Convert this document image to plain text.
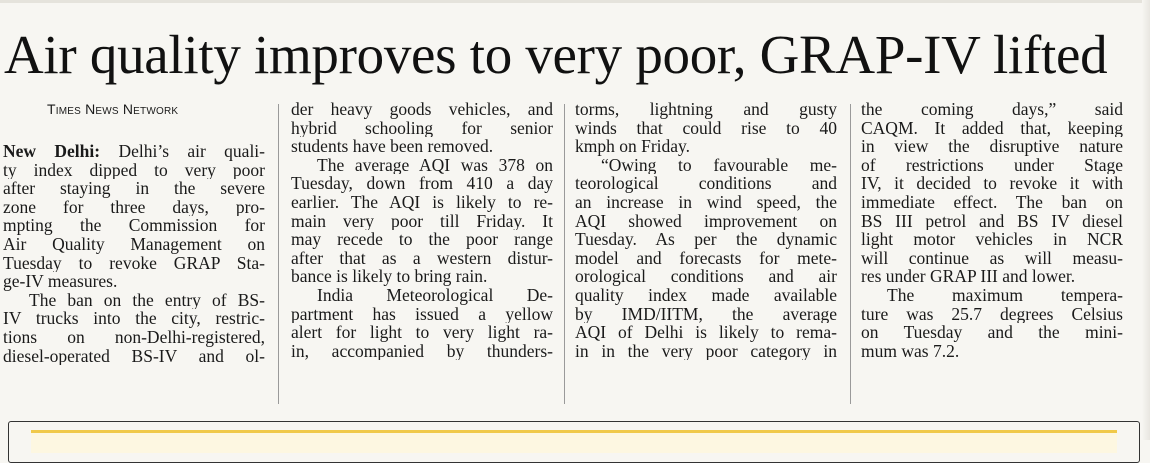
Air quality improves to very poor, GRAP-IV lifted
Times News Network
New Delhi: Delhi’s air quali-
ty index dipped to very poor
after staying in the severe
zone for three days, pro-
mpting the Commission for
Air Quality Management on
Tuesday to revoke GRAP Sta-
ge-IV measures.
The ban on the entry of BS-
IV trucks into the city, restric-
tions on non-Delhi-registered,
diesel-operated BS-IV and ol-
der heavy goods vehicles, and
hybrid schooling for senior
students have been removed.
The average AQI was 378 on
Tuesday, down from 410 a day
earlier. The AQI is likely to re-
main very poor till Friday. It
may recede to the poor range
after that as a western distur-
bance is likely to bring rain.
India Meteorological De-
partment has issued a yellow
alert for light to very light ra-
in, accompanied by thunders-
torms, lightning and gusty
winds that could rise to 40
kmph on Friday.
“Owing to favourable me-
teorological conditions and
an increase in wind speed, the
AQI showed improvement on
Tuesday. As per the dynamic
model and forecasts for mete-
orological conditions and air
quality index made available
by IMD/IITM, the average
AQI of Delhi is likely to rema-
in in the very poor category in
the coming days,” said
CAQM. It added that, keeping
in view the disruptive nature
of restrictions under Stage
IV, it decided to revoke it with
immediate effect. The ban on
BS III petrol and BS IV diesel
light motor vehicles in NCR
will continue as will measu-
res under GRAP III and lower.
The maximum tempera-
ture was 25.7 degrees Celsius
on Tuesday and the mini-
mum was 7.2.
